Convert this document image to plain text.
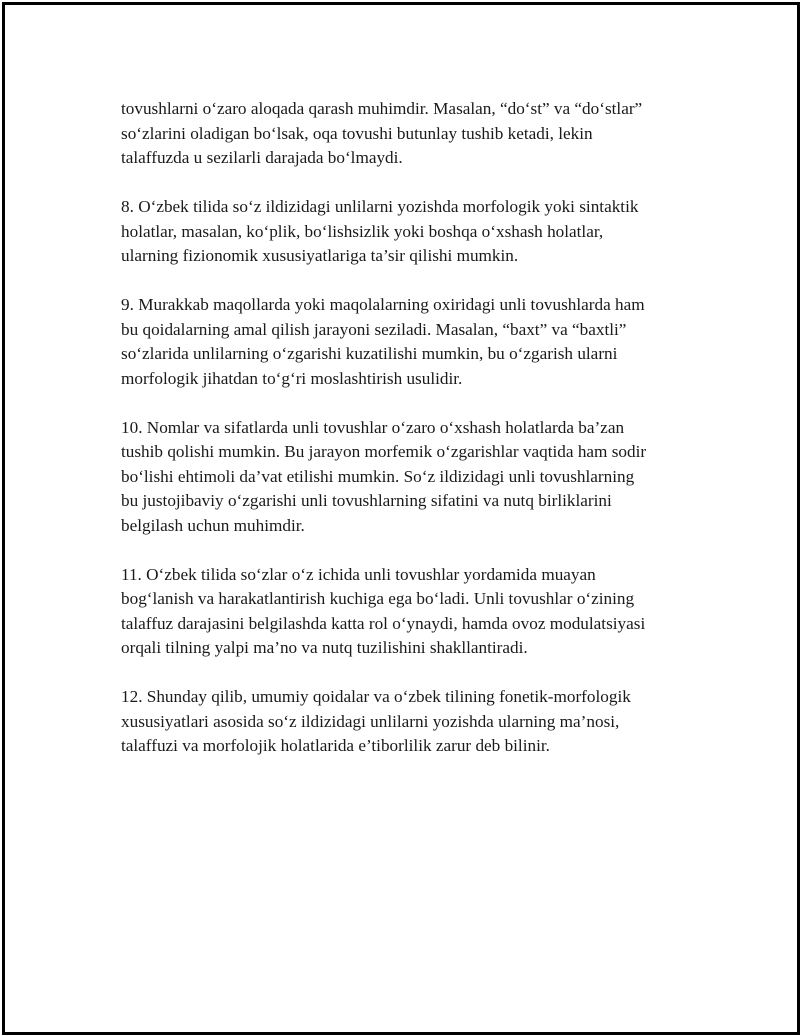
tovushlarni o‘zaro aloqada qarash muhimdir. Masalan, “do‘st” va “do‘stlar”
so‘zlarini oladigan bo‘lsak, oqa tovushi butunlay tushib ketadi, lekin
talaffuzda u sezilarli darajada bo‘lmaydi.

8. O‘zbek tilida so‘z ildizidagi unlilarni yozishda morfologik yoki sintaktik
holatlar, masalan, ko‘plik, bo‘lishsizlik yoki boshqa o‘xshash holatlar,
ularning fizionomik xususiyatlariga ta’sir qilishi mumkin.

9. Murakkab maqollarda yoki maqolalarning oxiridagi unli tovushlarda ham
bu qoidalarning amal qilish jarayoni seziladi. Masalan, “baxt” va “baxtli”
so‘zlarida unlilarning o‘zgarishi kuzatilishi mumkin, bu o‘zgarish ularni
morfologik jihatdan to‘g‘ri moslashtirish usulidir.

10. Nomlar va sifatlarda unli tovushlar o‘zaro o‘xshash holatlarda ba’zan
tushib qolishi mumkin. Bu jarayon morfemik o‘zgarishlar vaqtida ham sodir
bo‘lishi ehtimoli da’vat etilishi mumkin. So‘z ildizidagi unli tovushlarning
bu justojibaviy o‘zgarishi unli tovushlarning sifatini va nutq birliklarini
belgilash uchun muhimdir.

11. O‘zbek tilida so‘zlar o‘z ichida unli tovushlar yordamida muayan
bog‘lanish va harakatlantirish kuchiga ega bo‘ladi. Unli tovushlar o‘zining
talaffuz darajasini belgilashda katta rol o‘ynaydi, hamda ovoz modulatsiyasi
orqali tilning yalpi ma’no va nutq tuzilishini shakllantiradi.

12. Shunday qilib, umumiy qoidalar va o‘zbek tilining fonetik-morfologik
xususiyatlari asosida so‘z ildizidagi unlilarni yozishda ularning ma’nosi,
talaffuzi va morfolojik holatlarida e’tiborlilik zarur deb bilinir.
